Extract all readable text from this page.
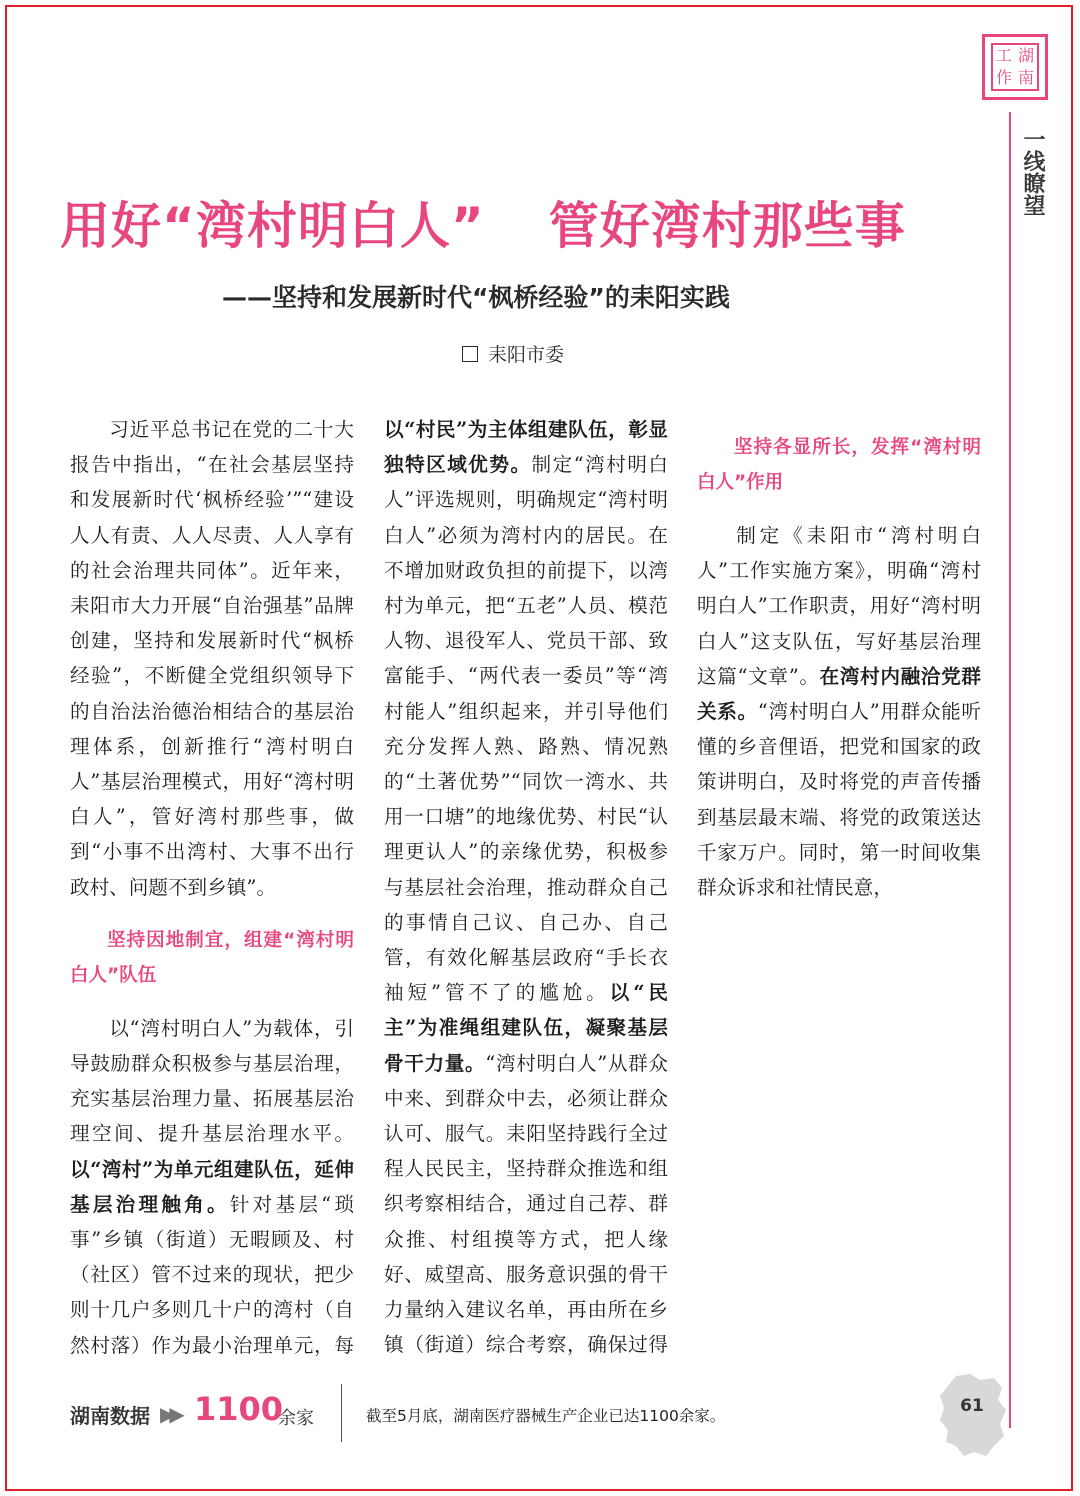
工 湖
作 南
一线瞭望
用好“湾村明白人” 管好湾村那些事
——坚持和发展新时代“枫桥经验”的耒阳实践
耒阳市委

习近平总书记在党的二十大报告中指出，“在社会基层坚持和发展新时代‘枫桥经验’”“建设人人有责、人人尽责、人人享有的社会治理共同体”。近年来，耒阳市大力开展“自治强基”品牌创建，坚持和发展新时代“枫桥经验”，不断健全党组织领导下的自治法治德治相结合的基层治理体系，创新推行“湾村明白人”基层治理模式，用好“湾村明白人”，管好湾村那些事，做到“小事不出湾村、大事不出行政村、问题不到乡镇”。

坚持因地制宜，组建“湾村明白人”队伍

以“湾村明白人”为载体，引导鼓励群众积极参与基层治理，充实基层治理力量、拓展基层治理空间、提升基层治理水平。以“湾村”为单元组建队伍，延伸基层治理触角。针对基层“琐事”乡镇（街道）无暇顾及、村（社区）管不过来的现状，把少则十几户多则几十户的湾村（自然村落）作为最小治理单元，每

以“村民”为主体组建队伍，彰显独特区域优势。制定“湾村明白人”评选规则，明确规定“湾村明白人”必须为湾村内的居民。在不增加财政负担的前提下，以湾村为单元，把“五老”人员、模范人物、退役军人、党员干部、致富能手、“两代表一委员”等“湾村能人”组织起来，并引导他们充分发挥人熟、路熟、情况熟的“土著优势”“同饮一湾水、共用一口塘”的地缘优势、村民“认理更认人”的亲缘优势，积极参与基层社会治理，推动群众自己的事情自己议、自己办、自己管，有效化解基层政府“手长衣袖短”管不了的尴尬。以“民主”为准绳组建队伍，凝聚基层骨干力量。“湾村明白人”从群众中来、到群众中去，必须让群众认可、服气。耒阳坚持践行全过程人民民主，坚持群众推选和组织考察相结合，通过自己荐、群众推、村组摸等方式，把人缘好、威望高、服务意识强的骨干力量纳入建议名单，再由所在乡镇（街道）综合考察，确保过得

坚持各显所长，发挥“湾村明白人”作用

制定《耒阳市“湾村明白人”工作实施方案》，明确“湾村明白人”工作职责，用好“湾村明白人”这支队伍，写好基层治理这篇“文章”。在湾村内融洽党群关系。“湾村明白人”用群众能听懂的乡音俚语，把党和国家的政策讲明白，及时将党的声音传播到基层最末端、将党的政策送达千家万户。同时，第一时间收集群众诉求和社情民意，

湖南数据 ▶▶ 1100
余家	截至5月底，湖南医疗器械生产企业已达1100余家。	61
